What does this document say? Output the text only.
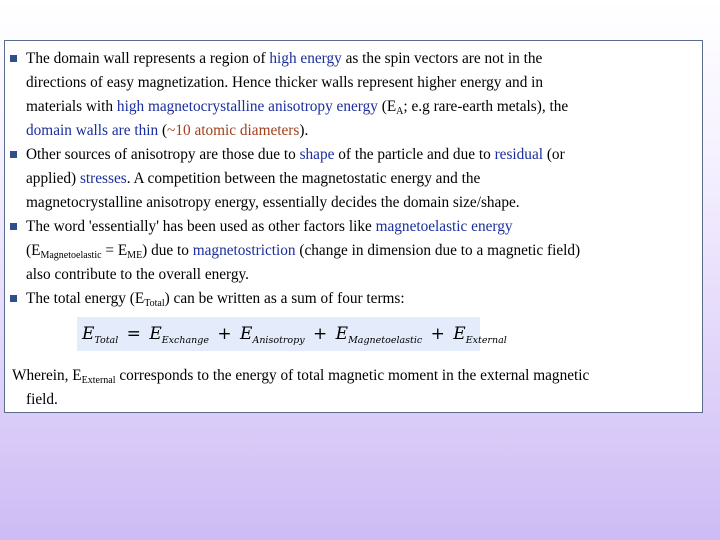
The domain wall represents a region of high energy as the spin vectors are not in the
directions of easy magnetization. Hence thicker walls represent higher energy and in
materials with high magnetocrystalline anisotropy energy ($E_A$; e.g rare-earth metals), the
domain walls are thin (~10 atomic diameters).
Other sources of anisotropy are those due to shape of the particle and due to residual (or
applied) stresses. A competition between the magnetostatic energy and the
magnetocrystalline anisotropy energy, essentially decides the domain size/shape.
The word 'essentially' has been used as other factors like magnetoelastic energy
$(E_{Magnetoelastic} = E_{ME})$ due to magnetostriction (change in dimension due to a magnetic field)
also contribute to the overall energy.
The total energy $(E_{Total})$ can be written as a sum of four terms:
$E_{Total} = E_{Exchange} + E_{Anisotropy} + E_{Magnetoelastic} + E_{External}$
Wherein, $E_{External}$ corresponds to the energy of total magnetic moment in the external magnetic
field.
